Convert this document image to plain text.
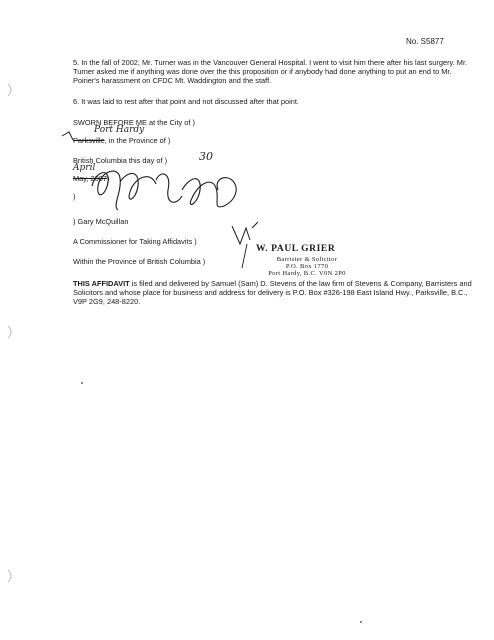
No. S5877
5. In the fall of 2002, Mr. Turner was in the Vancouver General Hospital. I went to visit him there after his last surgery. Mr. Turner asked me if anything was done over the this proposition or if anybody had done anything to put an end to Mr. Poirier's harassment on CFDC Mt. Waddington and the staff.
6. It was laid to rest after that point and not discussed after that point.
SWORN BEFORE ME at the City of )
Port Hardy
Parksville, in the Province of )
British Columbia this day of )	30
April
May, 2007)
)
) Gary McQuillan
A Commissioner for Taking Affidavits )
Within the Province of British Columbia )
W. PAUL GRIER
Barrister & Solicitor
P.O. Box 1770
Port Hardy, B.C. V0N 2P0
THIS AFFIDAVIT is filed and delivered by Samuel (Sam) D. Stevens of the law firm of Stevens & Company, Barristers and Solicitors and whose place for business and address for delivery is P.O. Box #326-198 East Island Hwy., Parksville, B.C., V9P 2G9, 248-8220.
